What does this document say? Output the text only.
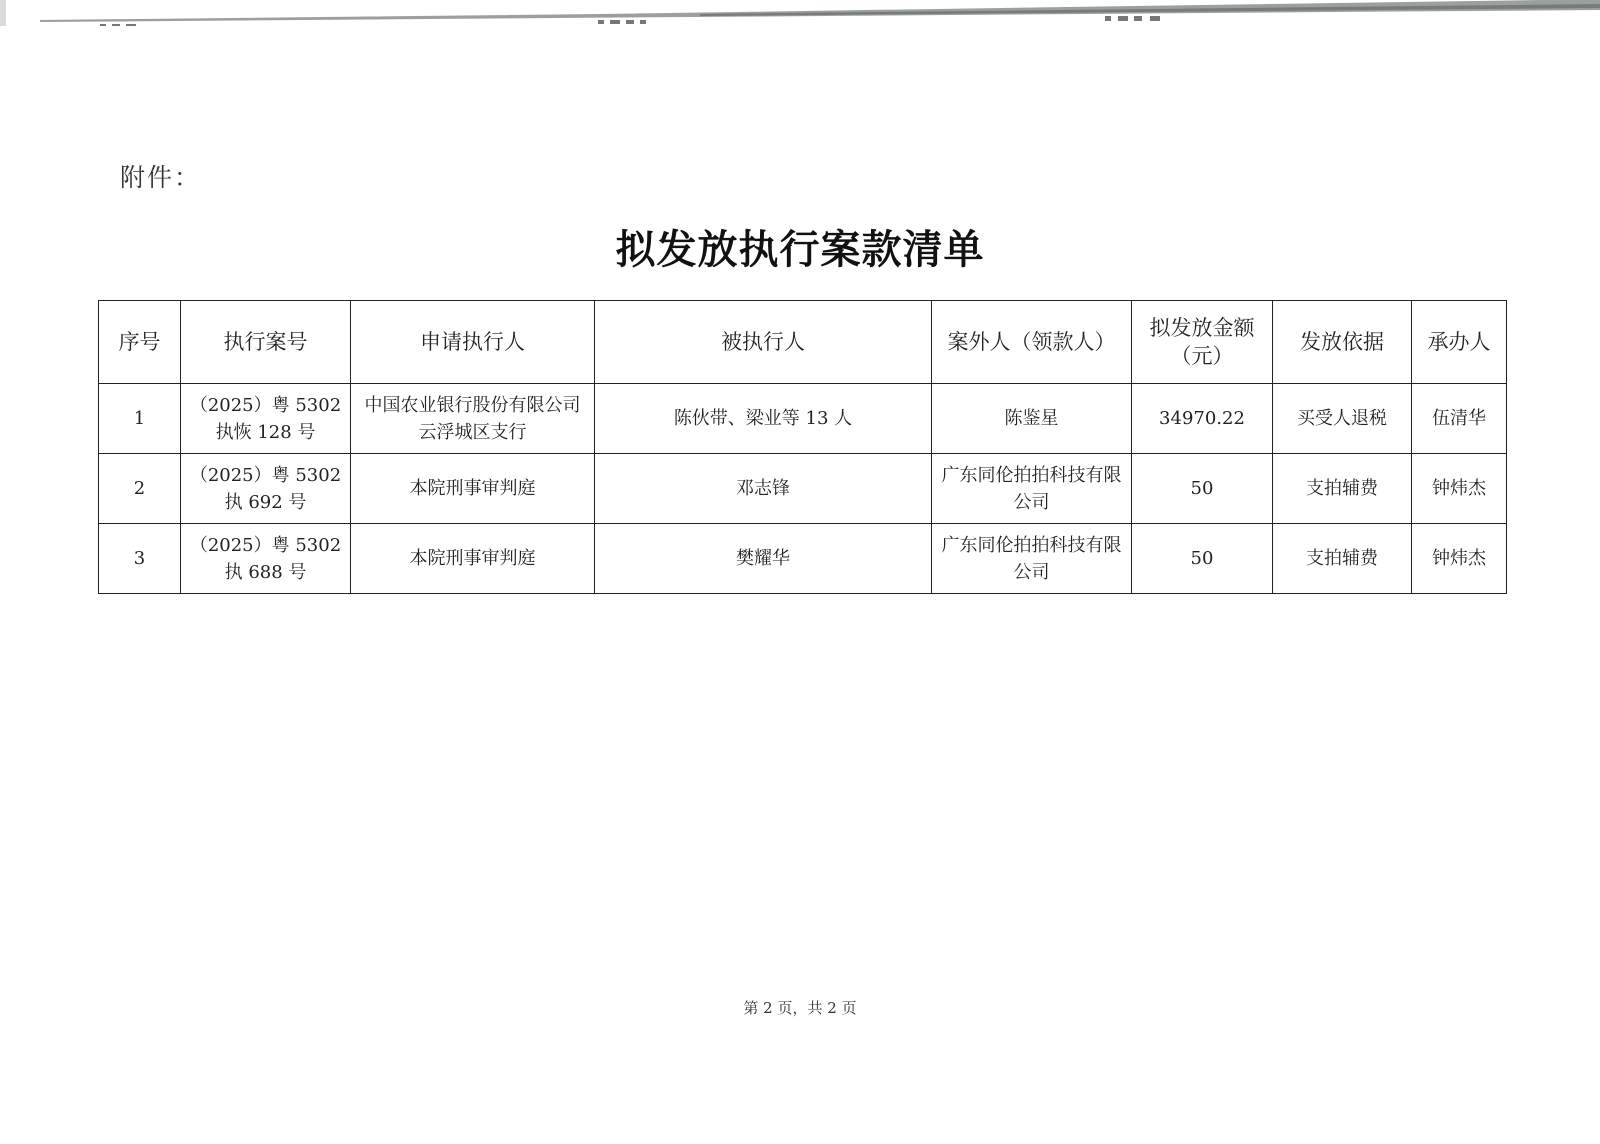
附件：
拟发放执行案款清单
序号	执行案号	申请执行人	被执行人	案外人（领款人）	拟发放金额（元）	发放依据	承办人
1	（2025）粤 5302 执恢 128 号	中国农业银行股份有限公司云浮城区支行	陈伙带、梁业等 13 人	陈鉴星	34970.22	买受人退税	伍清华
2	（2025）粤 5302 执 692 号	本院刑事审判庭	邓志锋	广东同伦拍拍科技有限公司	50	支拍辅费	钟炜杰
3	（2025）粤 5302 执 688 号	本院刑事审判庭	樊耀华	广东同伦拍拍科技有限公司	50	支拍辅费	钟炜杰
第 2 页，共 2 页
